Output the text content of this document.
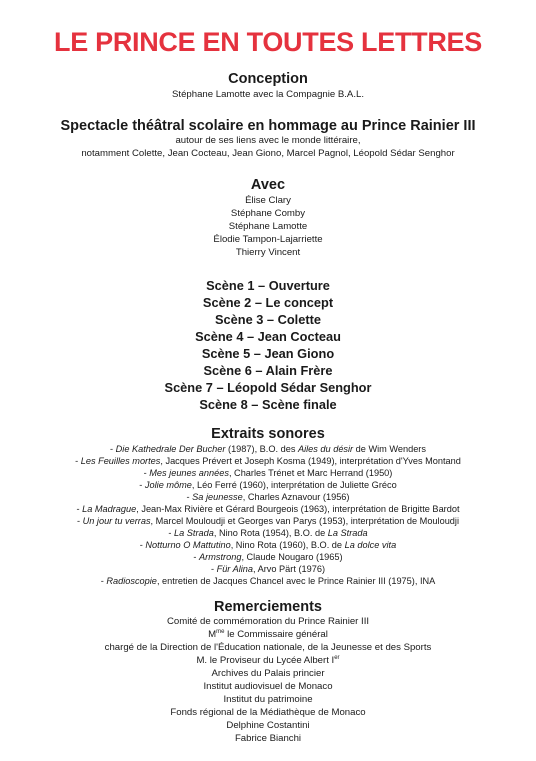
LE PRINCE EN TOUTES LETTRES
Conception
Stéphane Lamotte avec la Compagnie B.A.L.
Spectacle théâtral scolaire en hommage au Prince Rainier III
autour de ses liens avec le monde littéraire,
notamment Colette, Jean Cocteau, Jean Giono, Marcel Pagnol, Léopold Sédar Senghor
Avec
Élise Clary
Stéphane Comby
Stéphane Lamotte
Élodie Tampon-Lajarriette
Thierry Vincent
Scène 1 – Ouverture
Scène 2 – Le concept
Scène 3 – Colette
Scène 4 – Jean Cocteau
Scène 5 – Jean Giono
Scène 6 – Alain Frère
Scène 7 – Léopold Sédar Senghor
Scène 8 – Scène finale
Extraits sonores
- Die Kathedrale Der Bucher (1987), B.O. des Ailes du désir de Wim Wenders
- Les Feuilles mortes, Jacques Prévert et Joseph Kosma (1949), interprétation d'Yves Montand
- Mes jeunes années, Charles Trénet et Marc Herrand (1950)
- Jolie môme, Léo Ferré (1960), interprétation de Juliette Gréco
- Sa jeunesse, Charles Aznavour (1956)
- La Madrague, Jean-Max Rivière et Gérard Bourgeois (1963), interprétation de Brigitte Bardot
- Un jour tu verras, Marcel Mouloudji et Georges van Parys (1953), interprétation de Mouloudji
- La Strada, Nino Rota (1954), B.O. de La Strada
- Notturno O Mattutino, Nino Rota (1960), B.O. de La dolce vita
- Armstrong, Claude Nougaro (1965)
- Für Alina, Arvo Pärt (1976)
- Radioscopie, entretien de Jacques Chancel avec le Prince Rainier III (1975), INA
Remerciements
Comité de commémoration du Prince Rainier III
$M^{me}$ le Commissaire général
chargé de la Direction de l'Éducation nationale, de la Jeunesse et des Sports
M. le Proviseur du Lycée Albert Ier
Archives du Palais princier
Institut audiovisuel de Monaco
Institut du patrimoine
Fonds régional de la Médiathèque de Monaco
Delphine Costantini
Fabrice Bianchi
